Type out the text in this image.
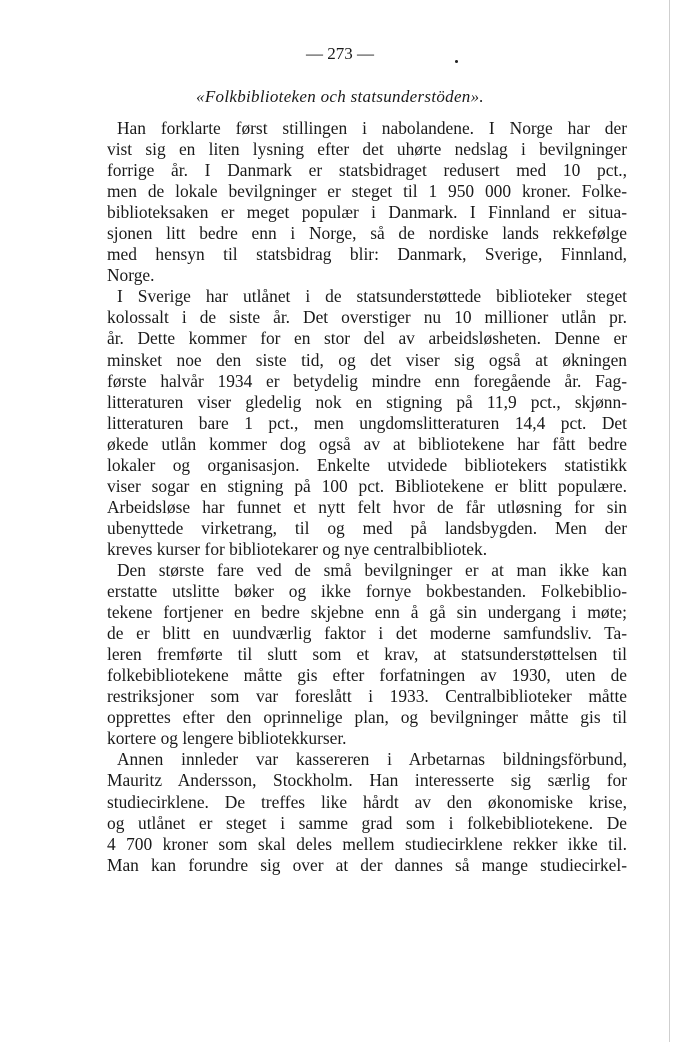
— 273 —
«Folkbiblioteken och statsunderstöden».
Han forklarte først stillingen i nabolandene. I Norge har der
vist sig en liten lysning efter det uhørte nedslag i bevilgninger
forrige år. I Danmark er statsbidraget redusert med 10 pct.,
men de lokale bevilgninger er steget til 1 950 000 kroner. Folke-
biblioteksaken er meget populær i Danmark. I Finnland er situa-
sjonen litt bedre enn i Norge, så de nordiske lands rekkefølge
med hensyn til statsbidrag blir: Danmark, Sverige, Finnland,
Norge.
I Sverige har utlånet i de statsunderstøttede biblioteker steget
kolossalt i de siste år. Det overstiger nu 10 millioner utlån pr.
år. Dette kommer for en stor del av arbeidsløsheten. Denne er
minsket noe den siste tid, og det viser sig også at økningen
første halvår 1934 er betydelig mindre enn foregående år. Fag-
litteraturen viser gledelig nok en stigning på 11,9 pct., skjønn-
litteraturen bare 1 pct., men ungdomslitteraturen 14,4 pct. Det
økede utlån kommer dog også av at bibliotekene har fått bedre
lokaler og organisasjon. Enkelte utvidede bibliotekers statistikk
viser sogar en stigning på 100 pct. Bibliotekene er blitt populære.
Arbeidsløse har funnet et nytt felt hvor de får utløsning for sin
ubenyttede virketrang, til og med på landsbygden. Men der
kreves kurser for bibliotekarer og nye centralbibliotek.
Den største fare ved de små bevilgninger er at man ikke kan
erstatte utslitte bøker og ikke fornye bokbestanden. Folkebiblio-
tekene fortjener en bedre skjebne enn å gå sin undergang i møte;
de er blitt en uundværlig faktor i det moderne samfundsliv. Ta-
leren fremførte til slutt som et krav, at statsunderstøttelsen til
folkebibliotekene måtte gis efter forfatningen av 1930, uten de
restriksjoner som var foreslått i 1933. Centralbiblioteker måtte
opprettes efter den oprinnelige plan, og bevilgninger måtte gis til
kortere og lengere bibliotekkurser.
Annen innleder var kassereren i Arbetarnas bildningsförbund,
Mauritz Andersson, Stockholm. Han interesserte sig særlig for
studiecirklene. De treffes like hårdt av den økonomiske krise,
og utlånet er steget i samme grad som i folkebibliotekene. De
4 700 kroner som skal deles mellem studiecirklene rekker ikke til.
Man kan forundre sig over at der dannes så mange studiecirkel-
